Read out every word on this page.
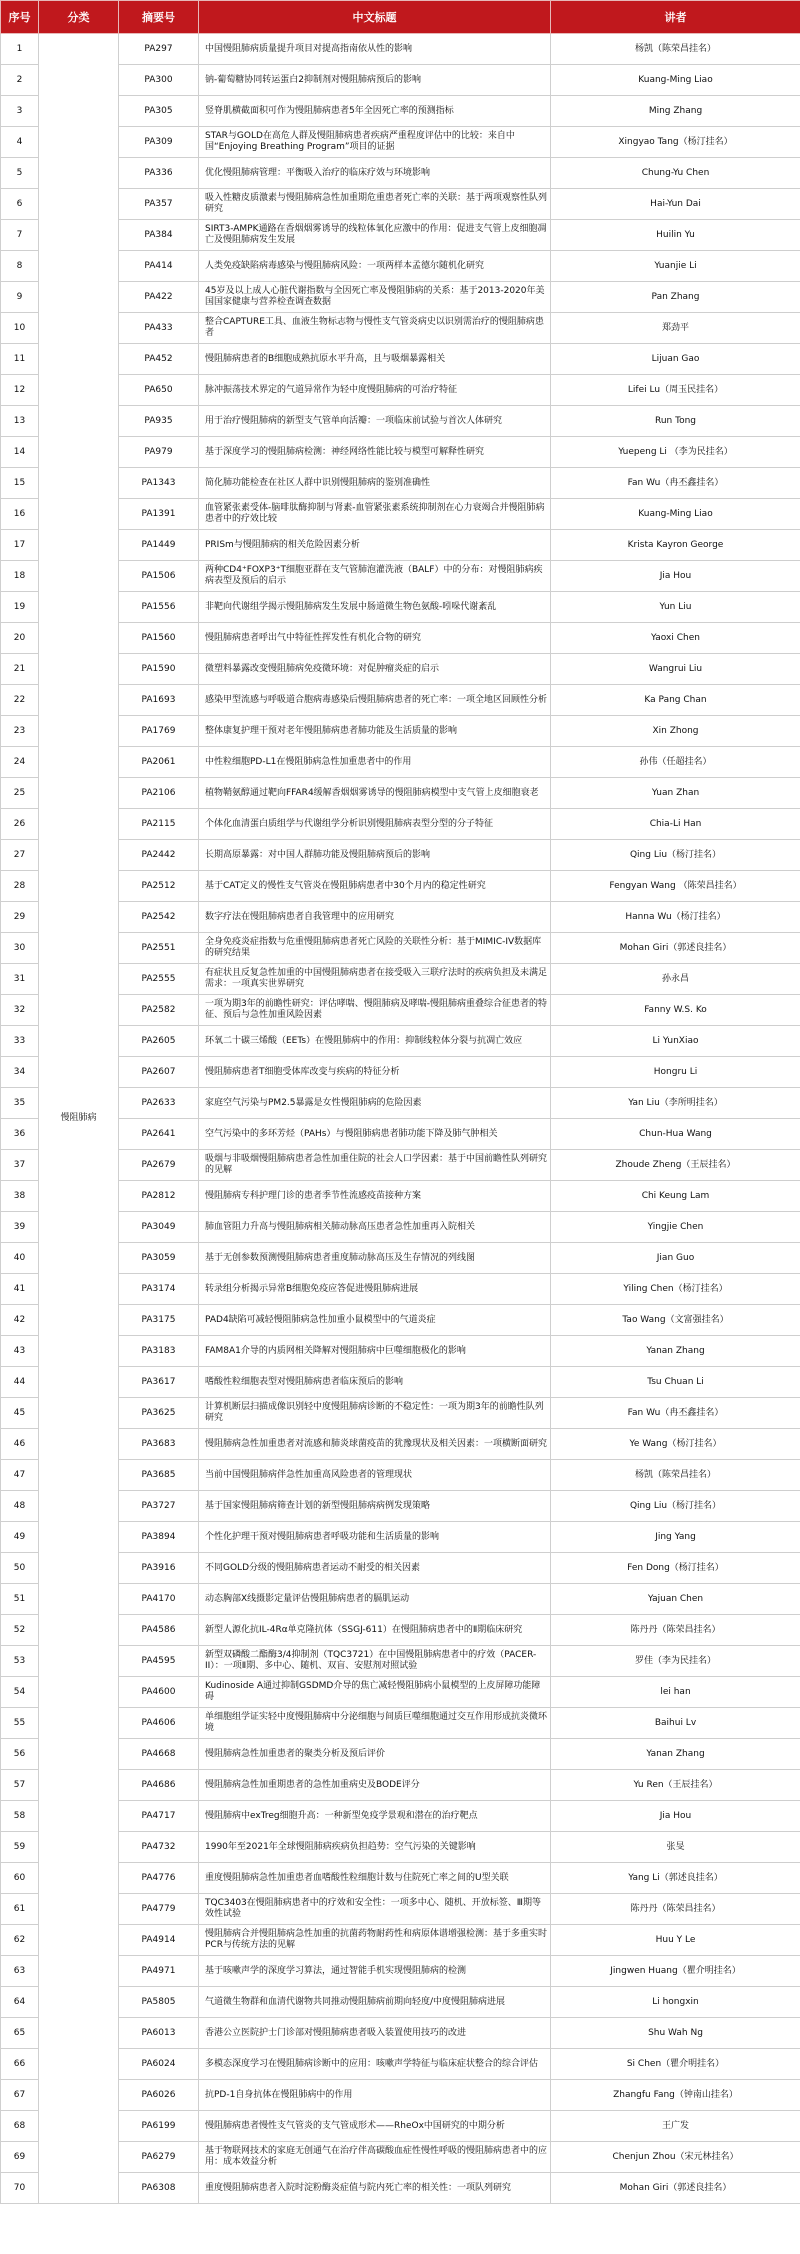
序号	分类	摘要号	中文标题	讲者
1	慢阻肺病	PA297	中国慢阻肺病质量提升项目对提高指南依从性的影响	杨凯（陈荣昌挂名）
2		PA300	钠-葡萄糖协同转运蛋白2抑制剂对慢阻肺病预后的影响	Kuang-Ming Liao
3		PA305	竖脊肌横截面积可作为慢阻肺病患者5年全因死亡率的预测指标	Ming Zhang
4		PA309	STAR与GOLD在高危人群及慢阻肺病患者疾病严重程度评估中的比较：来自中国“Enjoying Breathing Program”项目的证据	Xingyao Tang（杨汀挂名）
5		PA336	优化慢阻肺病管理：平衡吸入治疗的临床疗效与环境影响	Chung-Yu Chen
6		PA357	吸入性糖皮质激素与慢阻肺病急性加重期危重患者死亡率的关联：基于两项观察性队列研究	Hai-Yun Dai
7		PA384	SIRT3-AMPK通路在香烟烟雾诱导的线粒体氧化应激中的作用：促进支气管上皮细胞凋亡及慢阻肺病发生发展	Huilin Yu
8		PA414	人类免疫缺陷病毒感染与慢阻肺病风险：一项两样本孟德尔随机化研究	Yuanjie Li
9		PA422	45岁及以上成人心脏代谢指数与全因死亡率及慢阻肺病的关系：基于2013-2020年美国国家健康与营养检查调查数据	Pan Zhang
10		PA433	整合CAPTURE工具、血液生物标志物与慢性支气管炎病史以识别需治疗的慢阻肺病患者	郑劲平
11		PA452	慢阻肺病患者的B细胞成熟抗原水平升高，且与吸烟暴露相关	Lijuan Gao
12		PA650	脉冲振荡技术界定的气道异常作为轻中度慢阻肺病的可治疗特征	Lifei Lu（周玉民挂名）
13		PA935	用于治疗慢阻肺病的新型支气管单向活瓣：一项临床前试验与首次人体研究	Run Tong
14		PA979	基于深度学习的慢阻肺病检测：神经网络性能比较与模型可解释性研究	Yuepeng Li （李为民挂名）
15		PA1343	简化肺功能检查在社区人群中识别慢阻肺病的鉴别准确性	Fan Wu（冉丕鑫挂名）
16		PA1391	血管紧张素受体-脑啡肽酶抑制与肾素-血管紧张素系统抑制剂在心力衰竭合并慢阻肺病患者中的疗效比较	Kuang-Ming Liao
17		PA1449	PRISm与慢阻肺病的相关危险因素分析	Krista Kayron George
18		PA1506	两种CD4⁺FOXP3⁺T细胞亚群在支气管肺泡灌洗液（BALF）中的分布：对慢阻肺病疾病表型及预后的启示	Jia Hou
19		PA1556	非靶向代谢组学揭示慢阻肺病发生发展中肠道微生物色氨酸-吲哚代谢紊乱	Yun Liu
20		PA1560	慢阻肺病患者呼出气中特征性挥发性有机化合物的研究	Yaoxi Chen
21		PA1590	微塑料暴露改变慢阻肺病免疫微环境：对促肿瘤炎症的启示	Wangrui Liu
22		PA1693	感染甲型流感与呼吸道合胞病毒感染后慢阻肺病患者的死亡率：一项全地区回顾性分析	Ka Pang Chan
23		PA1769	整体康复护理干预对老年慢阻肺病患者肺功能及生活质量的影响	Xin Zhong
24		PA2061	中性粒细胞PD-L1在慢阻肺病急性加重患者中的作用	孙伟（任超挂名）
25		PA2106	植物鞘氨醇通过靶向FFAR4缓解香烟烟雾诱导的慢阻肺病模型中支气管上皮细胞衰老	Yuan Zhan
26		PA2115	个体化血清蛋白质组学与代谢组学分析识别慢阻肺病表型分型的分子特征	Chia-Li Han
27		PA2442	长期高原暴露：对中国人群肺功能及慢阻肺病预后的影响	Qing Liu（杨汀挂名）
28		PA2512	基于CAT定义的慢性支气管炎在慢阻肺病患者中30个月内的稳定性研究	Fengyan Wang （陈荣昌挂名）
29		PA2542	数字疗法在慢阻肺病患者自我管理中的应用研究	Hanna Wu（杨汀挂名）
30		PA2551	全身免疫炎症指数与危重慢阻肺病患者死亡风险的关联性分析：基于MIMIC-IV数据库的研究结果	Mohan Giri（郭述良挂名）
31		PA2555	有症状且反复急性加重的中国慢阻肺病患者在接受吸入三联疗法时的疾病负担及未满足需求：一项真实世界研究	孙永昌
32		PA2582	一项为期3年的前瞻性研究：评估哮喘、慢阻肺病及哮喘-慢阻肺病重叠综合征患者的特征、预后与急性加重风险因素	Fanny W.S. Ko
33		PA2605	环氧二十碳三烯酸（EETs）在慢阻肺病中的作用：抑制线粒体分裂与抗凋亡效应	Li YunXiao
34		PA2607	慢阻肺病患者T细胞受体库改变与疾病的特征分析	Hongru Li
35		PA2633	家庭空气污染与PM2.5暴露是女性慢阻肺病的危险因素	Yan Liu（李所明挂名）
36		PA2641	空气污染中的多环芳烃（PAHs）与慢阻肺病患者肺功能下降及肺气肿相关	Chun-Hua Wang
37		PA2679	吸烟与非吸烟慢阻肺病患者急性加重住院的社会人口学因素：基于中国前瞻性队列研究的见解	Zhoude Zheng（王辰挂名）
38		PA2812	慢阻肺病专科护理门诊的患者季节性流感疫苗接种方案	Chi Keung Lam
39		PA3049	肺血管阻力升高与慢阻肺病相关肺动脉高压患者急性加重再入院相关	Yingjie Chen
40		PA3059	基于无创参数预测慢阻肺病患者重度肺动脉高压及生存情况的列线图	Jian Guo
41		PA3174	转录组分析揭示异常B细胞免疫应答促进慢阻肺病进展	Yiling Chen（杨汀挂名）
42		PA3175	PAD4缺陷可减轻慢阻肺病急性加重小鼠模型中的气道炎症	Tao Wang（文富强挂名）
43		PA3183	FAM8A1介导的内质网相关降解对慢阻肺病中巨噬细胞极化的影响	Yanan Zhang
44		PA3617	嗜酸性粒细胞表型对慢阻肺病患者临床预后的影响	Tsu Chuan Li
45		PA3625	计算机断层扫描成像识别轻中度慢阻肺病诊断的不稳定性：一项为期3年的前瞻性队列研究	Fan Wu（冉丕鑫挂名）
46		PA3683	慢阻肺病急性加重患者对流感和肺炎球菌疫苗的犹豫现状及相关因素：一项横断面研究	Ye Wang（杨汀挂名）
47		PA3685	当前中国慢阻肺病伴急性加重高风险患者的管理现状	杨凯（陈荣昌挂名）
48		PA3727	基于国家慢阻肺病筛查计划的新型慢阻肺病病例发现策略	Qing Liu（杨汀挂名）
49		PA3894	个性化护理干预对慢阻肺病患者呼吸功能和生活质量的影响	Jing Yang
50		PA3916	不同GOLD分级的慢阻肺病患者运动不耐受的相关因素	Fen Dong（杨汀挂名）
51		PA4170	动态胸部X线摄影定量评估慢阻肺病患者的膈肌运动	Yajuan Chen
52		PA4586	新型人源化抗IL-4Rα单克隆抗体（SSGJ-611）在慢阻肺病患者中的Ⅱ期临床研究	陈丹丹（陈荣昌挂名）
53		PA4595	新型双磷酸二酯酶3/4抑制剂（TQC3721）在中国慢阻肺病患者中的疗效（PACER-II）：一项Ⅱ期、多中心、随机、双盲、安慰剂对照试验	罗佳（李为民挂名）
54		PA4600	Kudinoside A通过抑制GSDMD介导的焦亡减轻慢阻肺病小鼠模型的上皮屏障功能障碍	lei han
55		PA4606	单细胞组学证实轻中度慢阻肺病中分泌细胞与间质巨噬细胞通过交互作用形成抗炎微环境	Baihui Lv
56		PA4668	慢阻肺病急性加重患者的聚类分析及预后评价	Yanan Zhang
57		PA4686	慢阻肺病急性加重期患者的急性加重病史及BODE评分	Yu Ren（王辰挂名）
58		PA4717	慢阻肺病中exTreg细胞升高：一种新型免疫学景观和潜在的治疗靶点	Jia Hou
59		PA4732	1990年至2021年全球慢阻肺病疾病负担趋势：空气污染的关键影响	张旻
60		PA4776	重度慢阻肺病急性加重患者血嗜酸性粒细胞计数与住院死亡率之间的U型关联	Yang Li（郭述良挂名）
61		PA4779	TQC3403在慢阻肺病患者中的疗效和安全性：一项多中心、随机、开放标签、Ⅲ期等效性试验	陈丹丹（陈荣昌挂名）
62		PA4914	慢阻肺病合并慢阻肺病急性加重的抗菌药物耐药性和病原体谱增强检测：基于多重实时PCR与传统方法的见解	Huu Y Le
63		PA4971	基于咳嗽声学的深度学习算法，通过智能手机实现慢阻肺病的检测	Jingwen Huang（瞿介明挂名）
64		PA5805	气道微生物群和血清代谢物共同推动慢阻肺病前期向轻度/中度慢阻肺病进展	Li hongxin
65		PA6013	香港公立医院护士门诊部对慢阻肺病患者吸入装置使用技巧的改进	Shu Wah Ng
66		PA6024	多模态深度学习在慢阻肺病诊断中的应用：咳嗽声学特征与临床症状整合的综合评估	Si Chen（瞿介明挂名）
67		PA6026	抗PD-1自身抗体在慢阻肺病中的作用	Zhangfu Fang（钟南山挂名）
68		PA6199	慢阻肺病患者慢性支气管炎的支气管成形术——RheOx中国研究的中期分析	王广发
69		PA6279	基于物联网技术的家庭无创通气在治疗伴高碳酸血症性慢性呼吸的慢阻肺病患者中的应用：成本效益分析	Chenjun Zhou（宋元林挂名）
70		PA6308	重度慢阻肺病患者入院时淀粉酶炎症值与院内死亡率的相关性：一项队列研究	Mohan Giri（郭述良挂名）
